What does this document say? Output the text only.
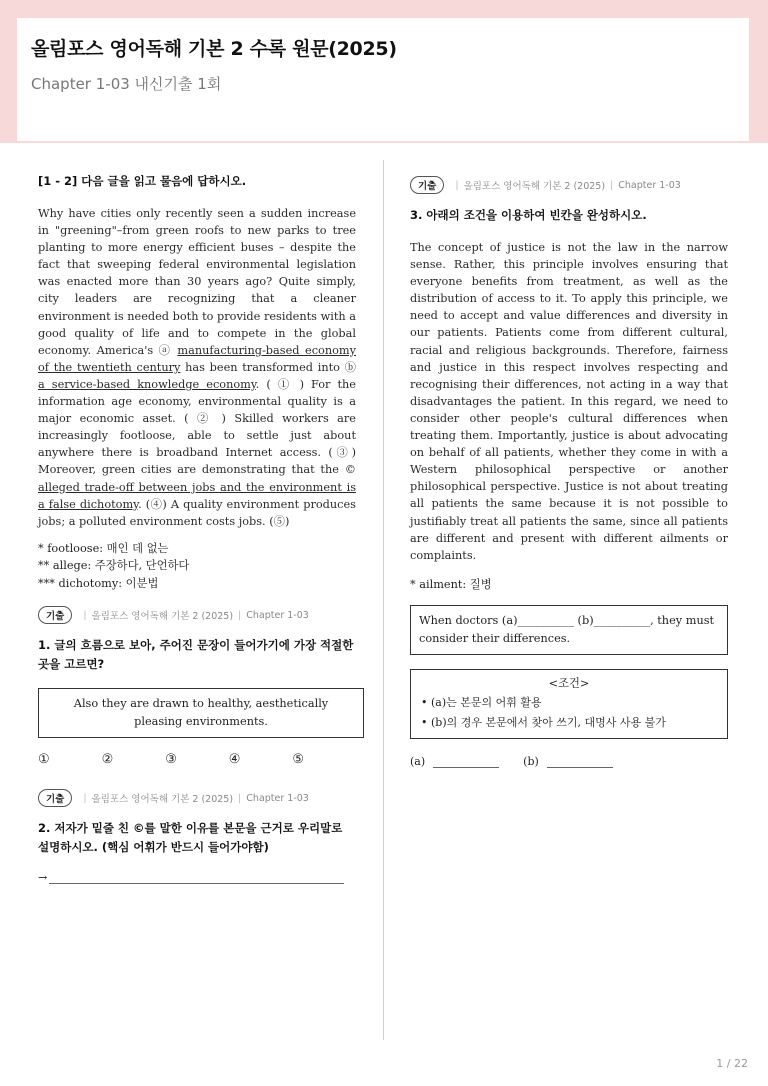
올림포스 영어독해 기본 2 수록 원문(2025)
Chapter 1-03 내신기출 1회
[1 - 2] 다음 글을 읽고 물음에 답하시오.
Why have cities only recently seen a sudden increase in "greening"–from green roofs to new parks to tree planting to more energy efficient buses – despite the fact that sweeping federal environmental legislation was enacted more than 30 years ago? Quite simply, city leaders are recognizing that a cleaner environment is needed both to provide residents with a good quality of life and to compete in the global economy. America's ⓐ manufacturing-based economy of the twentieth century has been transformed into ⓑ a service-based knowledge economy. ( ① ) For the information age economy, environmental quality is a major economic asset. ( ② ) Skilled workers are increasingly footloose, able to settle just about anywhere there is broadband Internet access. (③) Moreover, green cities are demonstrating that the © alleged trade-off between jobs and the environment is a false dichotomy. (④) A quality environment produces jobs; a polluted environment costs jobs. (⑤)
* footloose: 매인 데 없는
** allege: 주장하다, 단언하다
*** dichotomy: 이분법
기출	| 올림포스 영어독해 기본 2 (2025) | Chapter 1-03
1. 글의 흐름으로 보아, 주어진 문장이 들어가기에 가장 적절한 곳을 고르면?
Also they are drawn to healthy, aesthetically pleasing environments.
①	②	③	④	⑤
기출	| 올림포스 영어독해 기본 2 (2025) | Chapter 1-03
2. 저자가 밑줄 친 ©를 말한 이유를 본문을 근거로 우리말로 설명하시오. (핵심 어휘가 반드시 들어가야함)
→
기출	| 올림포스 영어독해 기본 2 (2025) | Chapter 1-03
3. 아래의 조건을 이용하여 빈칸을 완성하시오.
The concept of justice is not the law in the narrow sense. Rather, this principle involves ensuring that everyone benefits from treatment, as well as the distribution of access to it. To apply this principle, we need to accept and value differences and diversity in our patients. Patients come from different cultural, racial and religious backgrounds. Therefore, fairness and justice in this respect involves respecting and recognising their differences, not acting in a way that disadvantages the patient. In this regard, we need to consider other people's cultural differences when treating them. Importantly, justice is about advocating on behalf of all patients, whether they come in with a Western philosophical perspective or another philosophical perspective. Justice is not about treating all patients the same because it is not possible to justifiably treat all patients the same, since all patients are different and present with different ailments or complaints.
* ailment: 질병
When doctors (a)__________ (b)__________, they must consider their differences.
<조건>
• (a)는 본문의 어휘 활용
• (b)의 경우 본문에서 찾아 쓰기, 대명사 사용 불가
(a)	(b)
1 / 22
